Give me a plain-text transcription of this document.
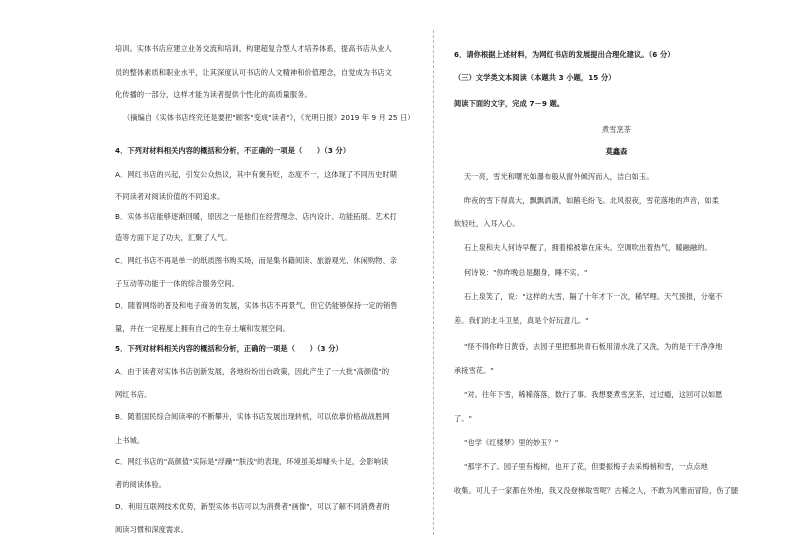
培训。实体书店应建立业务交流和培训，构建超复合型人才培养体系，提高书店从业人
员的整体素质和职业水平，让其深度认可书店的人文精神和价值理念，自觉成为书店文
化传播的一部分，这样才能为读者提供个性化的高质量服务。
（摘编自《实体书店终究还是要把"顾客"变成"读者"》，《光明日报》2019 年 9 月 25 日）
4．下列对材料相关内容的概括和分析，不正确的一项是（　　）（3 分）
A．网红书店的兴起，引发公众热议，其中有褒有贬，态度不一，这体现了不同历史时期
不同读者对阅读价值的不同追求。
B．实体书店能够逐渐回暖，原因之一是他们在经营理念、店内设计、功能拓展、艺术打
造等方面下足了功夫，汇聚了人气。
C．网红书店不再是单一的纸质图书购买场，而是集书籍阅读、旅游观光、休闲购物、亲
子互动等功能于一体的综合服务空间。
D．随着网络的普及和电子商务的发展，实体书店不再景气，但它仍能够保持一定的销售
量，并在一定程度上拥有自己的生存土壤和发展空间。
5．下列对材料相关内容的概括和分析，正确的一项是（　　）（3 分）
A．由于读者对实体书店创新发展，各地纷纷出台政策，因此产生了一大批"高颜值"的
网红书店。
B．随着国民综合阅读率的不断攀升，实体书店发展出现转机，可以依靠价格战战胜网
上书城。
C．网红书店的"高颜值"实际是"浮躁""肤浅"的表现，环境虽美却噱头十足，会影响读
者的阅读体验。
D．利用互联网技术优势，新型实体书店可以为消费者"画像"，可以了解不同消费者的
阅读习惯和深度需求。
6．请你根据上述材料，为网红书店的发展提出合理化建议。（6 分）
（三）文学类文本阅读（本题共 3 小题，15 分）
阅读下面的文字，完成 7－9 题。
煮雪烹茶
莫鑫森
天一亮，雪光和曙光如瀑布般从窗外倾泻而入，洁白如玉。
昨夜的雪下得真大，飘飘洒洒，如鹅毛纷飞。北风很夜，雪花落地的声音，如柔
软轻吐，入耳入心。
石上泉和夫人何诗早醒了，拥着棉被靠在床头。空调吹出着热气，暖融融的。
何诗说："你昨晚总是翻身，睡不实。"
石上泉笑了，说："这样的大雪，隔了十年才下一次，稀罕哩。天气预报，分毫不
差。我们的北斗卫星，真是个好玩意儿。"
"怪不得你昨日黄昏，去园子里把那块青石板用清水洗了又洗，为的是干干净净地
承接雪花。"
"对。往年下雪，稀稀落落，数行了事。我想要煮雪烹茶，过过瘾，这回可以如愿
了。"
"也学《红楼梦》里的妙玉？"
"那学不了。园子里有梅树，也开了花，但要振梅子去采梅梢和雪，一点点地
收集。可儿子一家都在外地，我又没登梯取雪呢？古稀之人，不敢为风雅而冒险，伤了腿
